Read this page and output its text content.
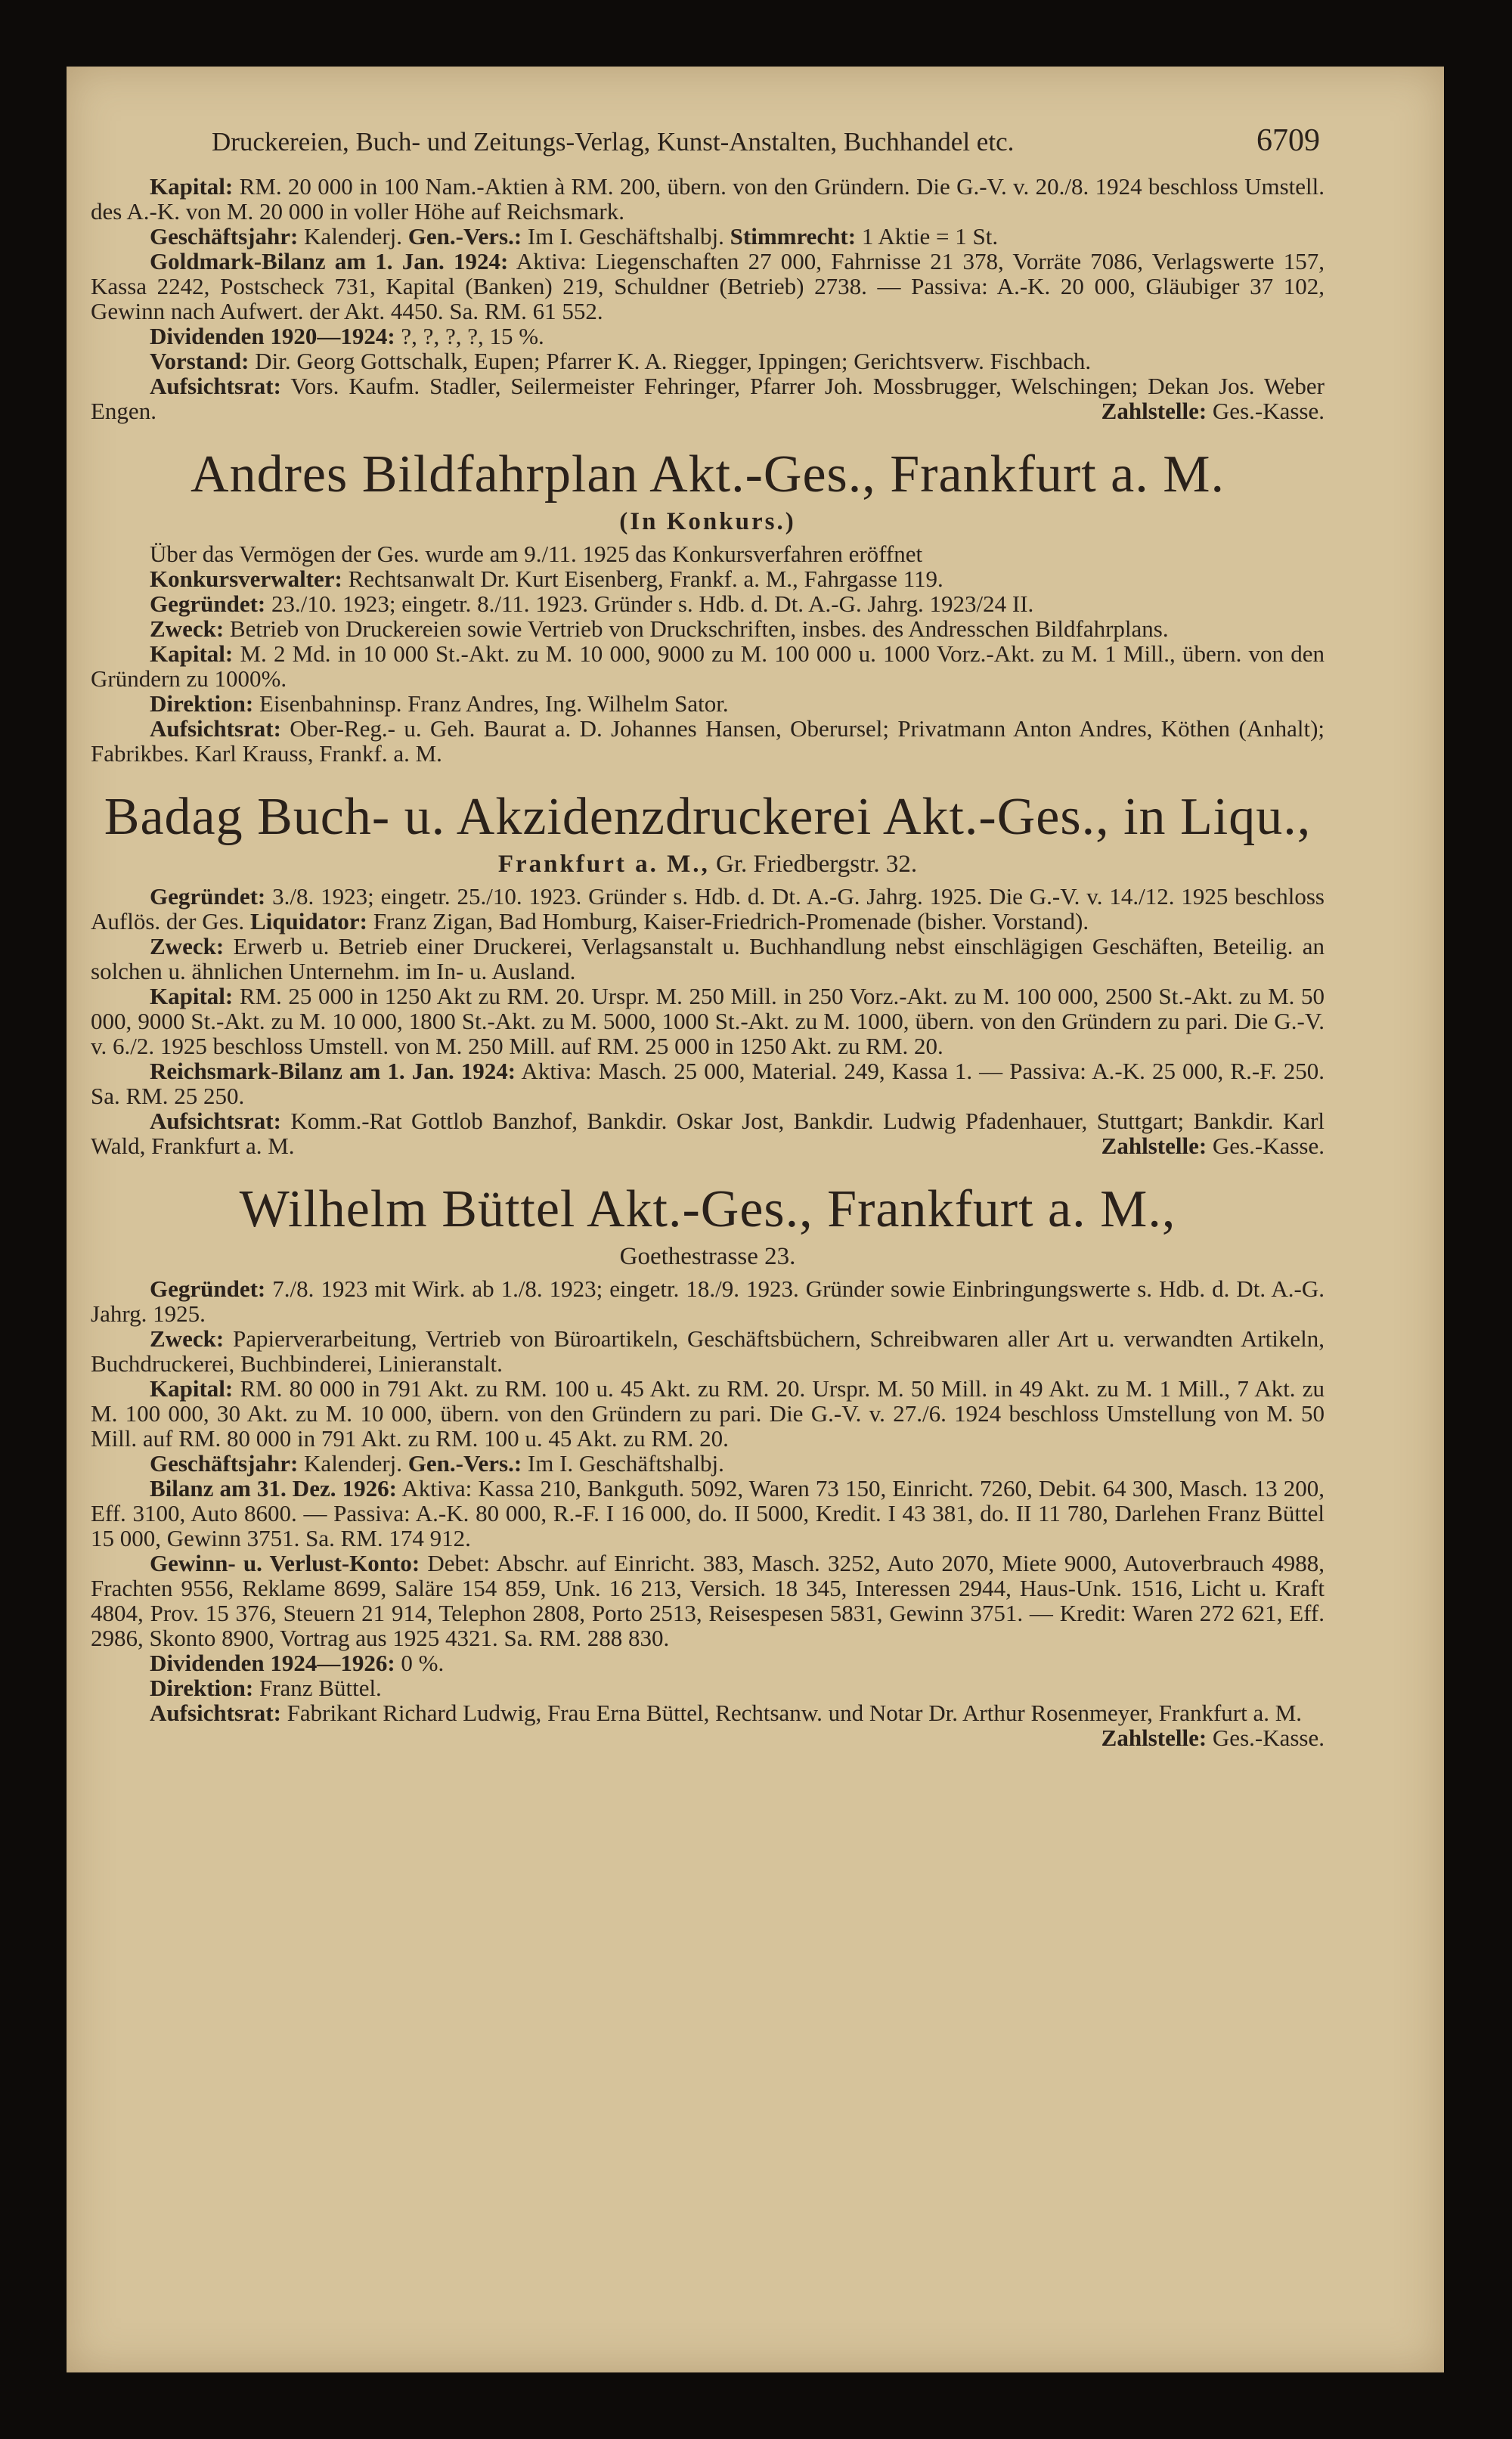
Druckereien, Buch- und Zeitungs-Verlag, Kunst-Anstalten, Buchhandel etc.	6709

Kapital: RM. 20 000 in 100 Nam.-Aktien à RM. 200, übern. von den Gründern. Die G.-V. v. 20./8. 1924 beschloss Umstell. des A.-K. von M. 20 000 in voller Höhe auf Reichsmark.

Geschäftsjahr: Kalenderj. Gen.-Vers.: Im I. Geschäftshalbj. Stimmrecht: 1 Aktie = 1 St.

Goldmark-Bilanz am 1. Jan. 1924: Aktiva: Liegenschaften 27 000, Fahrnisse 21 378, Vorräte 7086, Verlagswerte 157, Kassa 2242, Postscheck 731, Kapital (Banken) 219, Schuldner (Betrieb) 2738. — Passiva: A.-K. 20 000, Gläubiger 37 102, Gewinn nach Aufwert. der Akt. 4450. Sa. RM. 61 552.

Dividenden 1920—1924: ?, ?, ?, ?, 15 %.

Vorstand: Dir. Georg Gottschalk, Eupen; Pfarrer K. A. Riegger, Ippingen; Gerichtsverw. Fischbach.

Aufsichtsrat: Vors. Kaufm. Stadler, Seilermeister Fehringer, Pfarrer Joh. Mossbrugger, Welschingen; Dekan Jos. Weber Engen.	Zahlstelle: Ges.-Kasse.

Andres Bildfahrplan Akt.-Ges., Frankfurt a. M.
(In Konkurs.)

Über das Vermögen der Ges. wurde am 9./11. 1925 das Konkursverfahren eröffnet

Konkursverwalter: Rechtsanwalt Dr. Kurt Eisenberg, Frankf. a. M., Fahrgasse 119.

Gegründet: 23./10. 1923; eingetr. 8./11. 1923. Gründer s. Hdb. d. Dt. A.-G. Jahrg. 1923/24 II.

Zweck: Betrieb von Druckereien sowie Vertrieb von Druckschriften, insbes. des Andresschen Bildfahrplans.

Kapital: M. 2 Md. in 10 000 St.-Akt. zu M. 10 000, 9000 zu M. 100 000 u. 1000 Vorz.-Akt. zu M. 1 Mill., übern. von den Gründern zu 1000%.

Direktion: Eisenbahninsp. Franz Andres, Ing. Wilhelm Sator.

Aufsichtsrat: Ober-Reg.- u. Geh. Baurat a. D. Johannes Hansen, Oberursel; Privatmann Anton Andres, Köthen (Anhalt); Fabrikbes. Karl Krauss, Frankf. a. M.

Badag Buch- u. Akzidenzdruckerei Akt.-Ges., in Liqu.,
Frankfurt a. M., Gr. Friedbergstr. 32.

Gegründet: 3./8. 1923; eingetr. 25./10. 1923. Gründer s. Hdb. d. Dt. A.-G. Jahrg. 1925. Die G.-V. v. 14./12. 1925 beschloss Auflös. der Ges. Liquidator: Franz Zigan, Bad Homburg, Kaiser-Friedrich-Promenade (bisher. Vorstand).

Zweck: Erwerb u. Betrieb einer Druckerei, Verlagsanstalt u. Buchhandlung nebst einschlägigen Geschäften, Beteilig. an solchen u. ähnlichen Unternehm. im In- u. Ausland.

Kapital: RM. 25 000 in 1250 Akt zu RM. 20. Urspr. M. 250 Mill. in 250 Vorz.-Akt. zu M. 100 000, 2500 St.-Akt. zu M. 50 000, 9000 St.-Akt. zu M. 10 000, 1800 St.-Akt. zu M. 5000, 1000 St.-Akt. zu M. 1000, übern. von den Gründern zu pari. Die G.-V. v. 6./2. 1925 beschloss Umstell. von M. 250 Mill. auf RM. 25 000 in 1250 Akt. zu RM. 20.

Reichsmark-Bilanz am 1. Jan. 1924: Aktiva: Masch. 25 000, Material. 249, Kassa 1. — Passiva: A.-K. 25 000, R.-F. 250. Sa. RM. 25 250.

Aufsichtsrat: Komm.-Rat Gottlob Banzhof, Bankdir. Oskar Jost, Bankdir. Ludwig Pfadenhauer, Stuttgart; Bankdir. Karl Wald, Frankfurt a. M.	Zahlstelle: Ges.-Kasse.

Wilhelm Büttel Akt.-Ges., Frankfurt a. M.,
Goethestrasse 23.

Gegründet: 7./8. 1923 mit Wirk. ab 1./8. 1923; eingetr. 18./9. 1923. Gründer sowie Einbringungswerte s. Hdb. d. Dt. A.-G. Jahrg. 1925.

Zweck: Papierverarbeitung, Vertrieb von Büroartikeln, Geschäftsbüchern, Schreibwaren aller Art u. verwandten Artikeln, Buchdruckerei, Buchbinderei, Linieranstalt.

Kapital: RM. 80 000 in 791 Akt. zu RM. 100 u. 45 Akt. zu RM. 20. Urspr. M. 50 Mill. in 49 Akt. zu M. 1 Mill., 7 Akt. zu M. 100 000, 30 Akt. zu M. 10 000, übern. von den Gründern zu pari. Die G.-V. v. 27./6. 1924 beschloss Umstellung von M. 50 Mill. auf RM. 80 000 in 791 Akt. zu RM. 100 u. 45 Akt. zu RM. 20.

Geschäftsjahr: Kalenderj. Gen.-Vers.: Im I. Geschäftshalbj.

Bilanz am 31. Dez. 1926: Aktiva: Kassa 210, Bankguth. 5092, Waren 73 150, Einricht. 7260, Debit. 64 300, Masch. 13 200, Eff. 3100, Auto 8600. — Passiva: A.-K. 80 000, R.-F. I 16 000, do. II 5000, Kredit. I 43 381, do. II 11 780, Darlehen Franz Büttel 15 000, Gewinn 3751. Sa. RM. 174 912.

Gewinn- u. Verlust-Konto: Debet: Abschr. auf Einricht. 383, Masch. 3252, Auto 2070, Miete 9000, Autoverbrauch 4988, Frachten 9556, Reklame 8699, Saläre 154 859, Unk. 16 213, Versich. 18 345, Interessen 2944, Haus-Unk. 1516, Licht u. Kraft 4804, Prov. 15 376, Steuern 21 914, Telephon 2808, Porto 2513, Reisespesen 5831, Gewinn 3751. — Kredit: Waren 272 621, Eff. 2986, Skonto 8900, Vortrag aus 1925 4321. Sa. RM. 288 830.

Dividenden 1924—1926: 0 %.

Direktion: Franz Büttel.

Aufsichtsrat: Fabrikant Richard Ludwig, Frau Erna Büttel, Rechtsanw. und Notar Dr. Arthur Rosenmeyer, Frankfurt a. M.
Zahlstelle: Ges.-Kasse.
